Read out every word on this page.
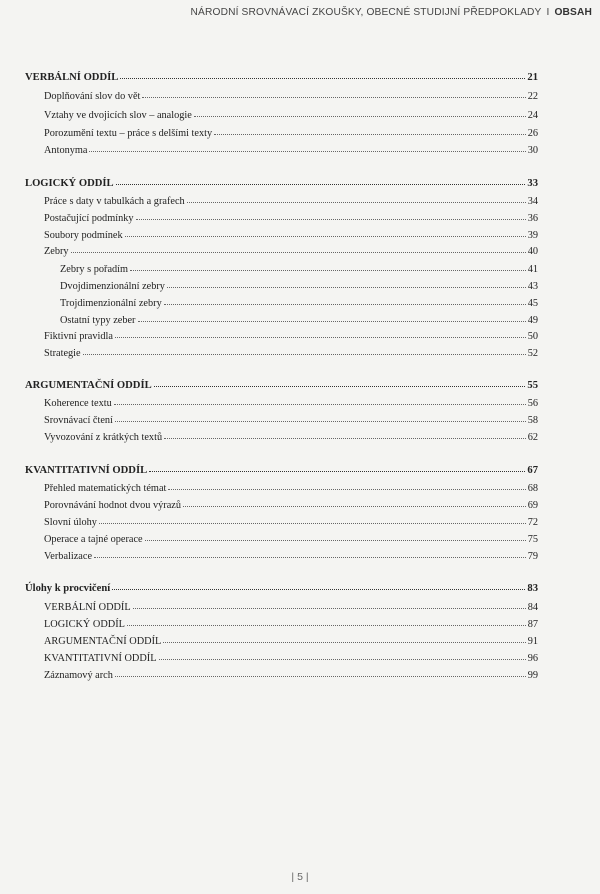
NÁRODNÍ SROVNÁVACÍ ZKOUŠKY, OBECNÉ STUDIJNÍ PŘEDPOKLADY I OBSAH
VERBÁLNÍ ODDÍL	21
Doplňování slov do vět	22
Vztahy ve dvojicích slov – analogie	24
Porozumění textu – práce s delšími texty	26
Antonyma	30
LOGICKÝ ODDÍL	33
Práce s daty v tabulkách a grafech	34
Postačující podmínky	36
Soubory podmínek	39
Zebry	40
Zebry s pořadím	41
Dvojdimenzionální zebry	43
Trojdimenzionální zebry	45
Ostatní typy zeber	49
Fiktivní pravidla	50
Strategie	52
ARGUMENTAČNÍ ODDÍL	55
Koherence textu	56
Srovnávací čtení	58
Vyvozování z krátkých textů	62
KVANTITATIVNÍ ODDÍL	67
Přehled matematických témat	68
Porovnávání hodnot dvou výrazů	69
Slovní úlohy	72
Operace a tajné operace	75
Verbalizace	79
Úlohy k procvičení	83
VERBÁLNÍ ODDÍL	84
LOGICKÝ ODDÍL	87
ARGUMENTAČNÍ ODDÍL	91
KVANTITATIVNÍ ODDÍL	96
Záznamový arch	99
| 5 |
